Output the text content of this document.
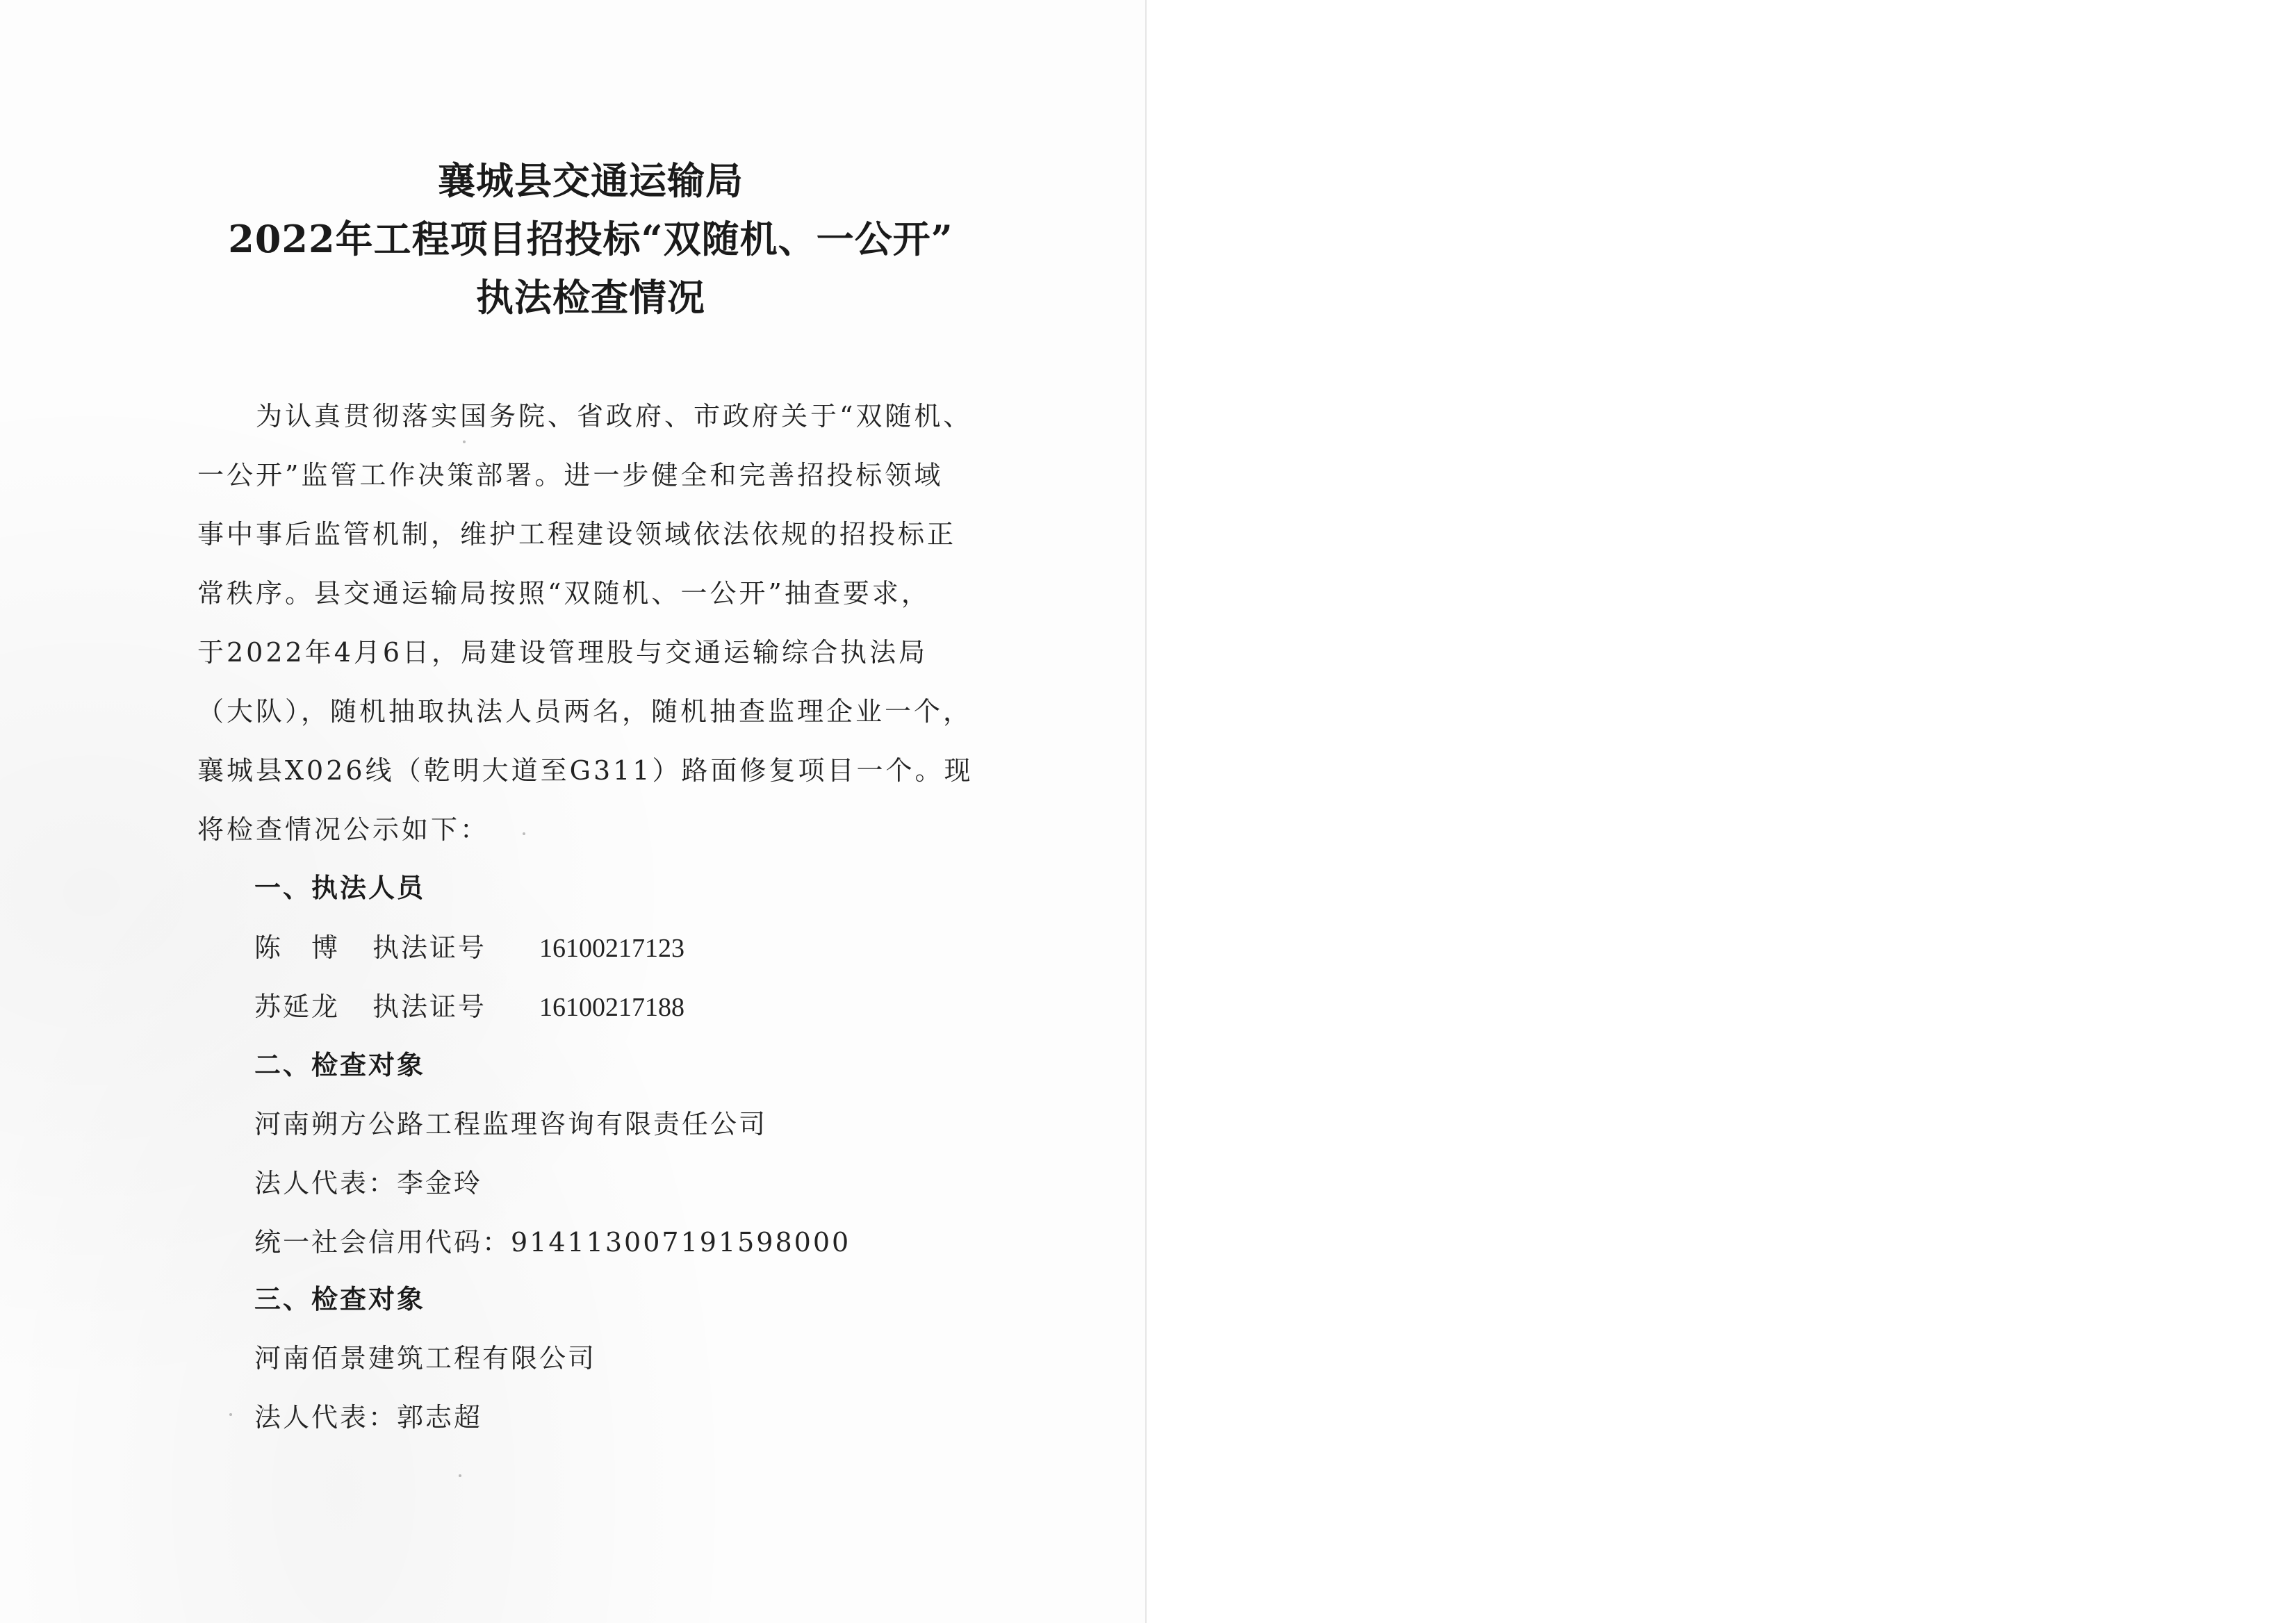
襄城县交通运输局
2022年工程项目招投标“双随机、一公开”
执法检查情况
为认真贯彻落实国务院、省政府、市政府关于“双随机、
一公开”监管工作决策部署。进一步健全和完善招投标领域
事中事后监管机制，维护工程建设领域依法依规的招投标正
常秩序。县交通运输局按照“双随机、一公开”抽查要求，
于2022年4月6日，局建设管理股与交通运输综合执法局
（大队），随机抽取执法人员两名，随机抽查监理企业一个，
襄城县X026线（乾明大道至G311）路面修复项目一个。现
将检查情况公示如下：
一、执法人员
陈　博 执法证号 16100217123
苏延龙 执法证号 16100217188
二、检查对象
河南朔方公路工程监理咨询有限责任公司
法人代表：李金玲
统一社会信用代码：914113007191598000
三、检查对象
河南佰景建筑工程有限公司
法人代表：郭志超
